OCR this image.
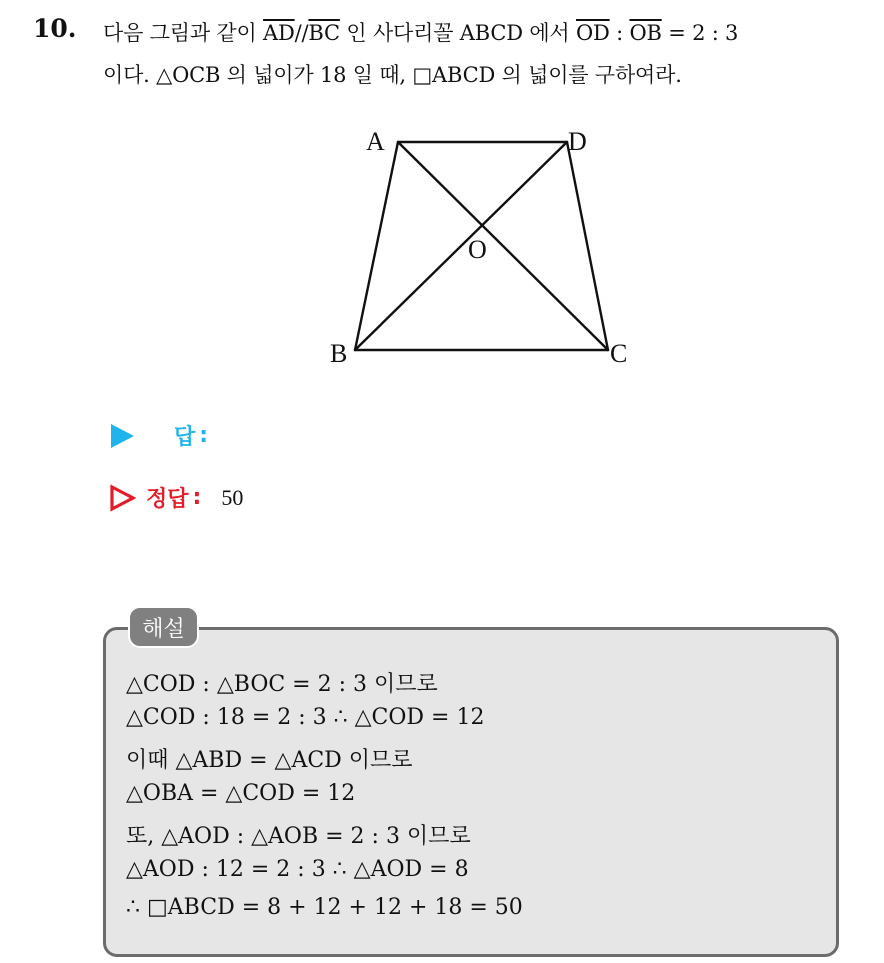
10. 다음 그림과 같이 $\overline{AD}//\overline{BC}$ 인 사다리꼴 ABCD 에서 $\overline{OD}$ : $\overline{OB} = 2$ : 3
이다. △OCB 의 넓이가 18 일 때, □ABCD 의 넓이를 구하여라.
A	D
O
B	C
답 :
정답 : 50
해설
△COD : △BOC = 2 : 3 이므로
△COD : 18 = 2 : 3 ∴ △COD = 12
이때 △ABD = △ACD 이므로
△OBA = △COD = 12
또, △AOD : △AOB = 2 : 3 이므로
△AOD : 12 = 2 : 3 ∴ △AOD = 8
∴ □ABCD = 8 + 12 + 12 + 18 = 50
